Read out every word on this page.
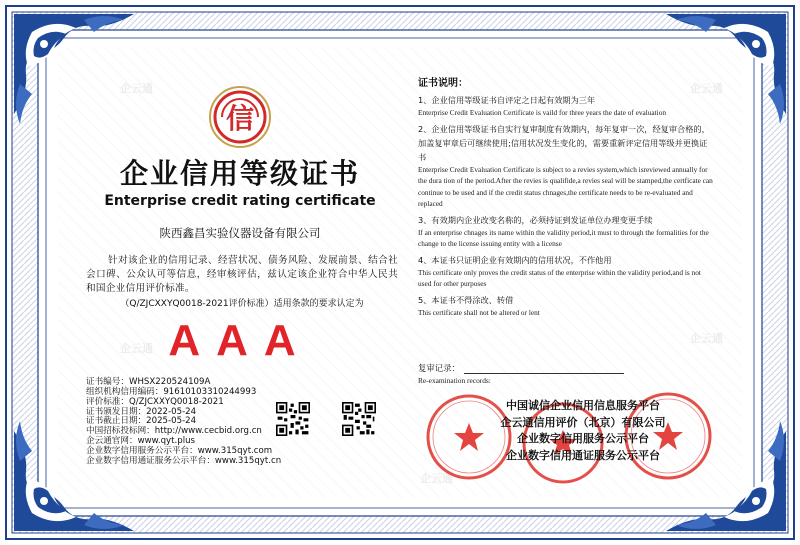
企云通	企云通
企云通
企云通
企云通
信
企业信用等级证书
Enterprise credit rating certificate
陕西鑫昌实验仪器设备有限公司
针对该企业的信用记录、经营状况、债务风险、发展前景、结合社会口碑、公众认可等信息，经审核评估，兹认定该企业符合中华人民共和国企业信用评价标准。
（Q/ZJCXXYQ0018-2021评价标准）适用条款的要求认定为
AAA
证书编号：WHSX220524109A
组织机构信用编码：91610103310244993
评价标准：Q/ZJCXXYQ0018-2021
证书颁发日期：2022-05-24
证书截止日期：2025-05-24
中国招标投标网：http://www.cecbid.org.cn
企云通官网：www.qyt.plus
企业数字信用服务公示平台：www.315qyt.com
企业数字信用通证服务公示平台：www.315qyt.cn
证书说明：
1、企业信用等级证书自评定之日起有效期为三年
Enterprise Credit Evaluation Certificate is vaild for three years the date of evaluation
2、企业信用等级证书自实行复审制度有效期内，每年复审一次，经复审合格的，加盖复审章后可继续使用;信用状况发生变化的，需要重新评定信用等级并更换证书
Enterprise Credit Evaluation Certificate is subject to a revies system,which isreviewed annually for the dura tion of the period.After the revies is qualifide,a revies seal will be stamped,the certficate can continue to be used and if the credit status chnages,the certificate needs to be re-evaluated and replaced
3、有效期内企业改变名称的，必须持证到发证单位办理变更手续
If an enterprise chnages its name within the validity period,it must to through the formalities for the change to the license issuing entity with a license
4、本证书只证明企业有效期内的信用状况，不作他用
This certificate only proves the credit status of the enterprise within the validity period,and is not used for other purposes
5、本证书不得涂改、转借
This certificate shall not be altered or lent
复审记录：
Re-examination records:
中国诚信企业信用信息服务平台
企云通信用评价（北京）有限公司
企业数字信用服务公示平台
企业数字信用通证服务公示平台
